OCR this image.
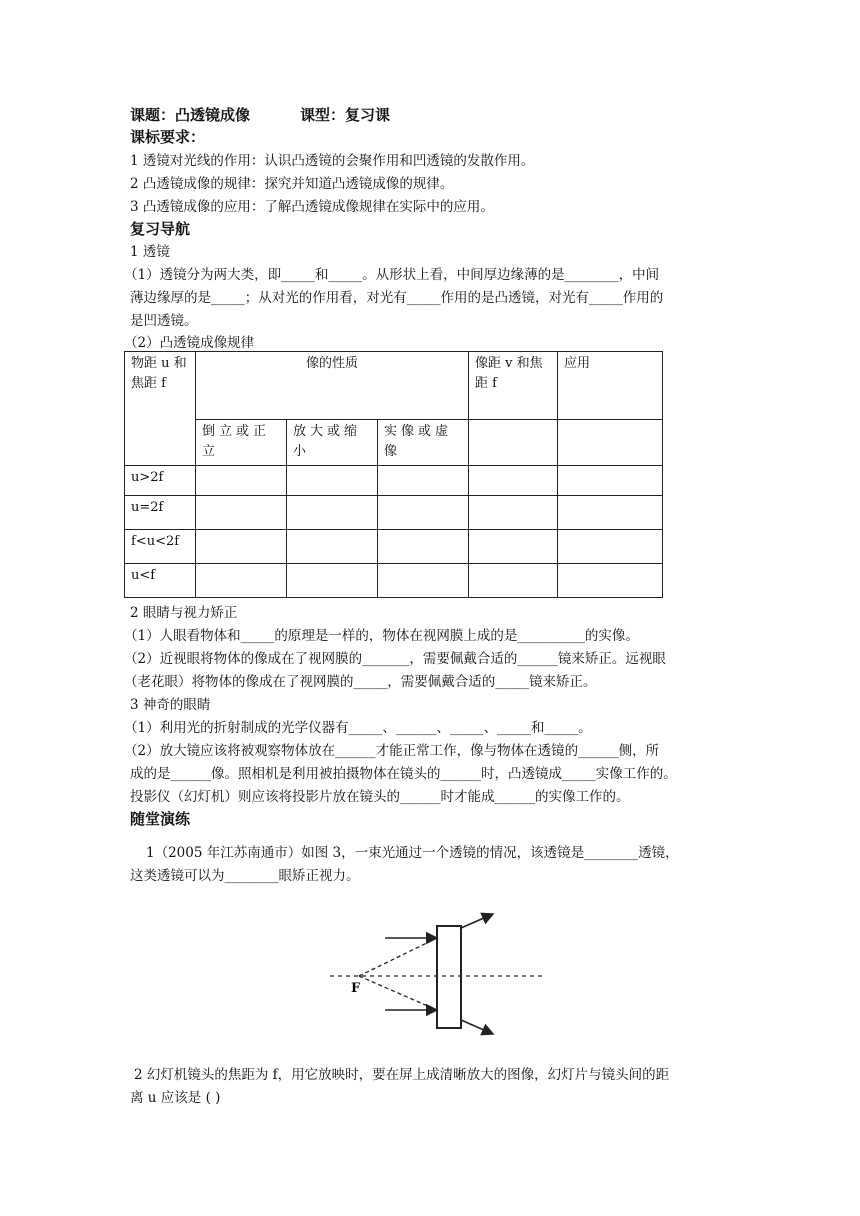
课题：凸透镜成像	课型：复习课
课标要求：
1 透镜对光线的作用：认识凸透镜的会聚作用和凹透镜的发散作用。
2 凸透镜成像的规律：探究并知道凸透镜成像的规律。
3 凸透镜成像的应用：了解凸透镜成像规律在实际中的应用。
复习导航
1 透镜
（1）透镜分为两大类，即_____和_____。从形状上看，中间厚边缘薄的是________，中间
薄边缘厚的是_____；从对光的作用看，对光有_____作用的是凸透镜，对光有_____作用的
是凹透镜。
（2）凸透镜成像规律
物距 u 和焦距 f	像的性质			像距 v 和焦距 f	应用
	倒立或正立	放大或缩小	实像或虚像		
u>2f					
u=2f					
f<u<2f					
u<f					
2 眼睛与视力矫正
（1）人眼看物体和_____的原理是一样的，物体在视网膜上成的是__________的实像。
（2）近视眼将物体的像成在了视网膜的_______，需要佩戴合适的______镜来矫正。远视眼
（老花眼）将物体的像成在了视网膜的_____，需要佩戴合适的_____镜来矫正。
3 神奇的眼睛
（1）利用光的折射制成的光学仪器有_____、______、_____、_____和_____。
（2）放大镜应该将被观察物体放在______才能正常工作，像与物体在透镜的______侧，所
成的是______像。照相机是利用被拍摄物体在镜头的______时，凸透镜成_____实像工作的。
投影仪（幻灯机）则应该将投影片放在镜头的______时才能成______的实像工作的。
随堂演练
1（2005 年江苏南通市）如图 3，一束光通过一个透镜的情况，该透镜是________透镜，
这类透镜可以为________眼矫正视力。
F
2 幻灯机镜头的焦距为 f，用它放映时，要在屏上成清晰放大的图像，幻灯片与镜头间的距
离 u 应该是 ( )
